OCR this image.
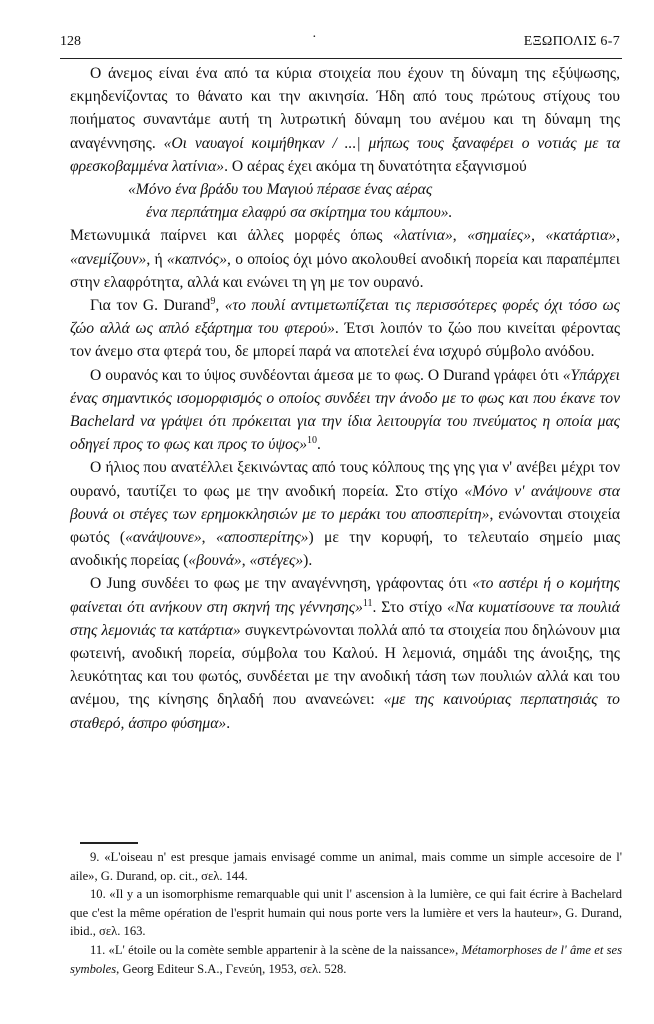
128	·	ΕΞΩΠΟΛΙΣ 6-7

Ο άνεμος είναι ένα από τα κύρια στοιχεία που έχουν τη δύναμη της εξύψωσης, εκμηδενίζοντας το θάνατο και την ακινησία. Ήδη από τους πρώτους στίχους του ποιήματος συναντάμε αυτή τη λυτρωτική δύναμη του ανέμου και τη δύναμη της αναγέννησης. «Οι ναυαγοί κοιμήθηκαν / ...| μήπως τους ξαναφέρει ο νοτιάς με τα φρεσκοβαμμένα λατίνια». Ο αέρας έχει ακόμα τη δυνατότητα εξαγνισμού

«Μόνο ένα βράδυ του Μαγιού πέρασε ένας αέρας

ένα περπάτημα ελαφρύ σα σκίρτημα του κάμπου».

Μετωνυμικά παίρνει και άλλες μορφές όπως «λατίνια», «σημαίες», «κατάρτια», «ανεμίζουν», ή «καπνός», ο οποίος όχι μόνο ακολουθεί ανοδική πορεία και παραπέμπει στην ελαφρότητα, αλλά και ενώνει τη γη με τον ουρανό.

Για τον G. Durand$^9$, «το πουλί αντιμετωπίζεται τις περισσότερες φορές όχι τόσο ως ζώο αλλά ως απλό εξάρτημα του φτερού». Έτσι λοιπόν το ζώο που κινείται φέροντας τον άνεμο στα φτερά του, δε μπορεί παρά να αποτελεί ένα ισχυρό σύμβολο ανόδου.

Ο ουρανός και το ύψος συνδέονται άμεσα με το φως. Ο Durand γράφει ότι «Υπάρχει ένας σημαντικός ισομορφισμός ο οποίος συνδέει την άνοδο με το φως και που έκανε τον Bachelard να γράψει ότι πρόκειται για την ίδια λειτουργία του πνεύματος η οποία μας οδηγεί προς το φως και προς το ύψος»$^{10}$.

Ο ήλιος που ανατέλλει ξεκινώντας από τους κόλπους της γης για ν' ανέβει μέχρι τον ουρανό, ταυτίζει το φως με την ανοδική πορεία. Στο στίχο «Μόνο ν' ανάψουνε στα βουνά οι στέγες των ερημοκκλησιών με το μεράκι του αποσπερίτη», ενώνονται στοιχεία φωτός («ανάψουνε», «αποσπερίτης») με την κορυφή, το τελευταίο σημείο μιας ανοδικής πορείας («βουνά», «στέγες»).

Ο Jung συνδέει το φως με την αναγέννηση, γράφοντας ότι «το αστέρι ή ο κομήτης φαίνεται ότι ανήκουν στη σκηνή της γέννησης»$^{11}$. Στο στίχο «Να κυματίσουνε τα πουλιά στης λεμονιάς τα κατάρτια» συγκεντρώνονται πολλά από τα στοιχεία που δηλώνουν μια φωτεινή, ανοδική πορεία, σύμβολα του Καλού. Η λεμονιά, σημάδι της άνοιξης, της λευκότητας και του φωτός, συνδέεται με την ανοδική τάση των πουλιών αλλά και του ανέμου, της κίνησης δηλαδή που ανανεώνει: «με της καινούριας περπατησιάς το σταθερό, άσπρο φύσημα».

9. «L'oiseau n' est presque jamais envisagé comme un animal, mais comme un simple accesoire de l' aile», G. Durand, op. cit., σελ. 144.

10. «Il y a un isomorphisme remarquable qui unit l' ascension à la lumière, ce qui fait écrire à Bachelard que c'est la même opération de l'esprit humain qui nous porte vers la lumière et vers la hauteur», G. Durand, ibid., σελ. 163.

11. «L' étoile ou la comète semble appartenir à la scène de la naissance», Métamorphoses de l' âme et ses symboles, Georg Editeur S.A., Γενεύη, 1953, σελ. 528.
